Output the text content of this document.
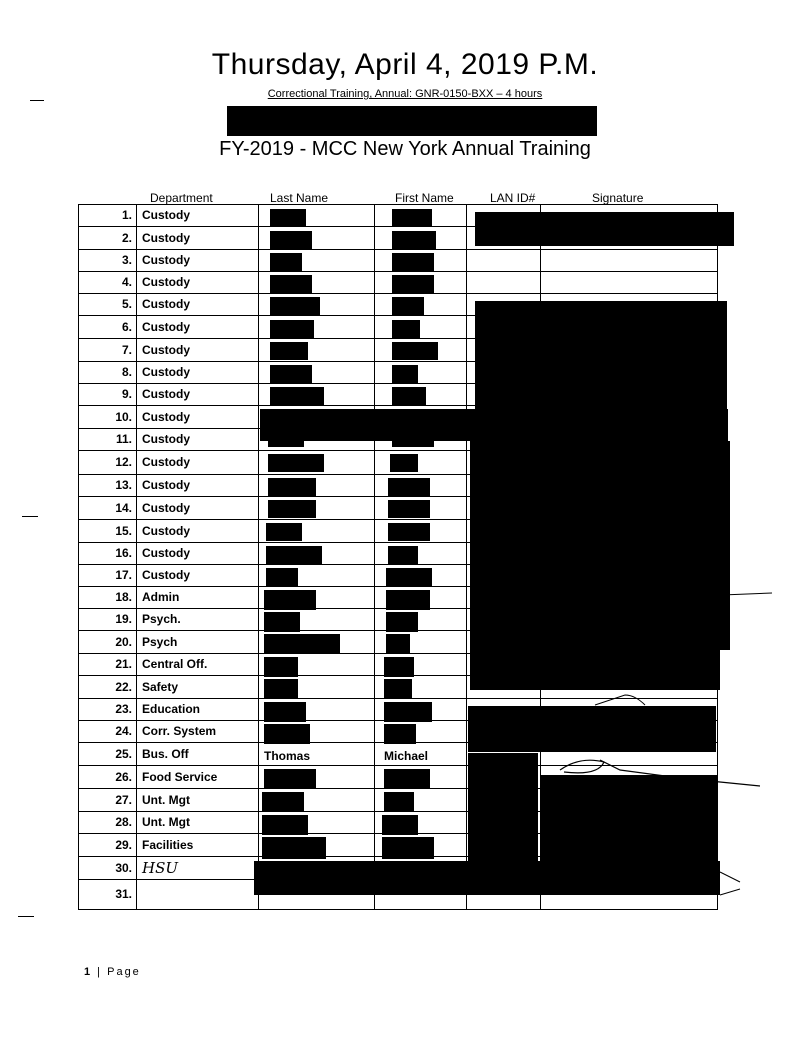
Thursday, April 4, 2019 P.M.
Correctional Training, Annual: GNR-0150-BXX – 4 hours
FY-2019 - MCC New York Annual Training
Department	Last Name	First Name	LAN ID#	Signature
1. Custody
2. Custody
3. Custody
4. Custody
5. Custody
6. Custody
7. Custody
8. Custody
9. Custody
10. Custody
11. Custody
12. Custody
13. Custody
14. Custody
15. Custody
16. Custody
17. Custody
18. Admin
19. Psych.
20. Psych
21. Central Off.
22. Safety
23. Education
24. Corr. System
25. Bus. Off	Thomas	Michael
26. Food Service
27. Unt. Mgt
28. Unt. Mgt
29. Facilities
30. HSU
31.
1 | Page
